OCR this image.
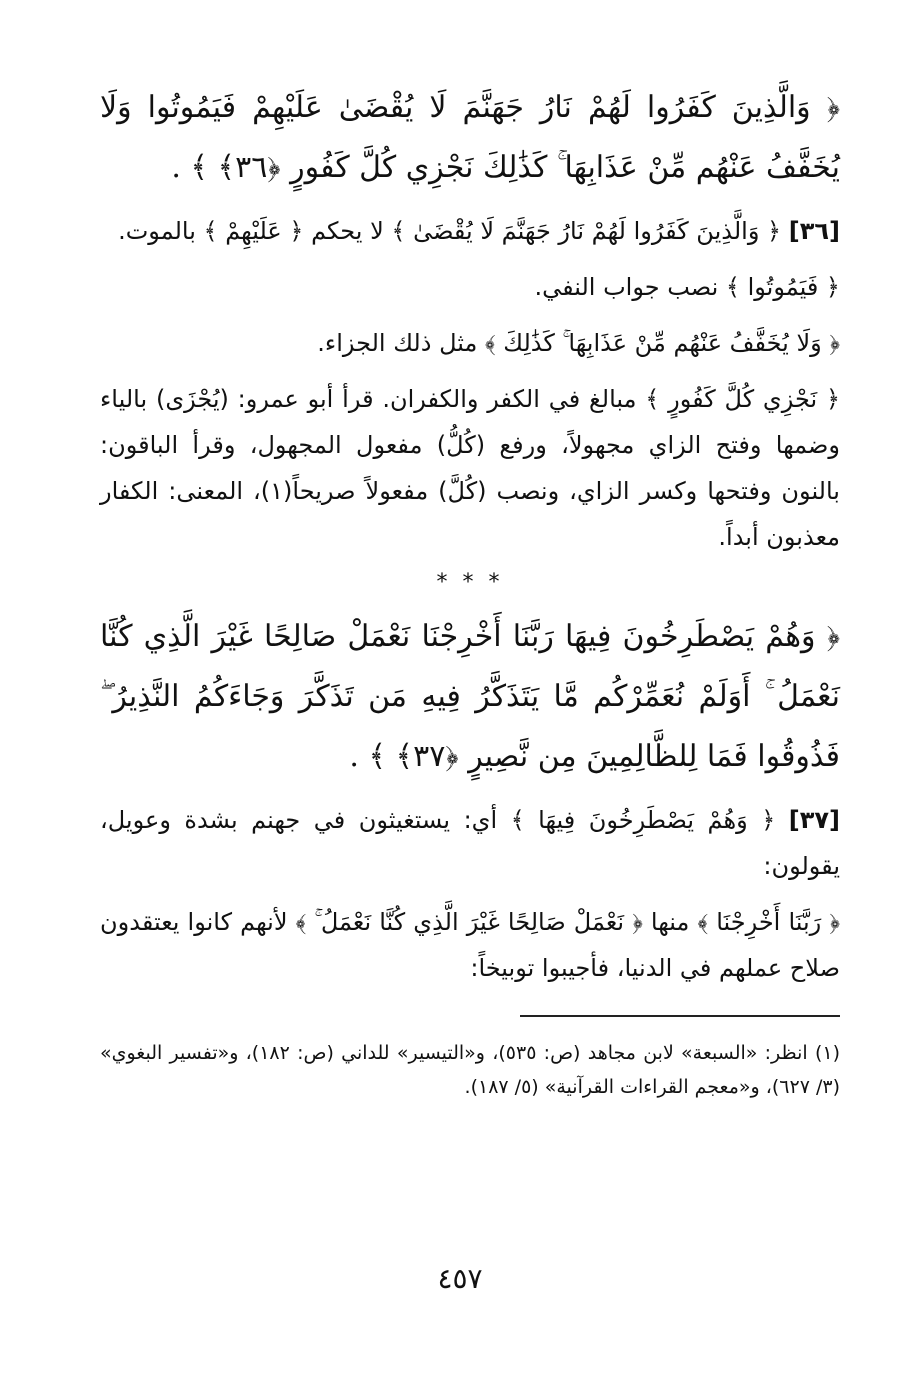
﴿ وَالَّذِينَ كَفَرُوا لَهُمْ نَارُ جَهَنَّمَ لَا يُقْضَىٰ عَلَيْهِمْ فَيَمُوتُوا وَلَا يُخَفَّفُ عَنْهُم مِّنْ عَذَابِهَا ۚ كَذَٰلِكَ نَجْزِي كُلَّ كَفُورٍ ﴿٣٦﴾ ﴾ .

[٣٦] ﴿ وَالَّذِينَ كَفَرُوا لَهُمْ نَارُ جَهَنَّمَ لَا يُقْضَىٰ ﴾ لا يحكم ﴿ عَلَيْهِمْ ﴾ بالموت.

﴿ فَيَمُوتُوا ﴾ نصب جواب النفي.

﴿ وَلَا يُخَفَّفُ عَنْهُم مِّنْ عَذَابِهَا ۚ كَذَٰلِكَ ﴾ مثل ذلك الجزاء.

﴿ نَجْزِي كُلَّ كَفُورٍ ﴾ مبالغ في الكفر والكفران. قرأ أبو عمرو: (يُجْزَى) بالياء وضمها وفتح الزاي مجهولاً، ورفع (كُلُّ) مفعول المجهول، وقرأ الباقون: بالنون وفتحها وكسر الزاي، ونصب (كُلَّ) مفعولاً صريحاً(١)، المعنى: الكفار معذبون أبداً.

* * *

﴿ وَهُمْ يَصْطَرِخُونَ فِيهَا رَبَّنَا أَخْرِجْنَا نَعْمَلْ صَالِحًا غَيْرَ الَّذِي كُنَّا نَعْمَلُ ۚ أَوَلَمْ نُعَمِّرْكُم مَّا يَتَذَكَّرُ فِيهِ مَن تَذَكَّرَ وَجَاءَكُمُ النَّذِيرُ ۖ فَذُوقُوا فَمَا لِلظَّالِمِينَ مِن نَّصِيرٍ ﴿٣٧﴾ ﴾ .

[٣٧] ﴿ وَهُمْ يَصْطَرِخُونَ فِيهَا ﴾ أي: يستغيثون في جهنم بشدة وعويل، يقولون:

﴿ رَبَّنَا أَخْرِجْنَا ﴾ منها ﴿ نَعْمَلْ صَالِحًا غَيْرَ الَّذِي كُنَّا نَعْمَلُ ۚ ﴾ لأنهم كانوا يعتقدون صلاح عملهم في الدنيا، فأجيبوا توبيخاً:

(١) انظر: «السبعة» لابن مجاهد (ص: ٥٣٥)، و«التيسير» للداني (ص: ١٨٢)، و«تفسير البغوي» (٣/ ٦٢٧)، و«معجم القراءات القرآنية» (٥/ ١٨٧).

٤٥٧
